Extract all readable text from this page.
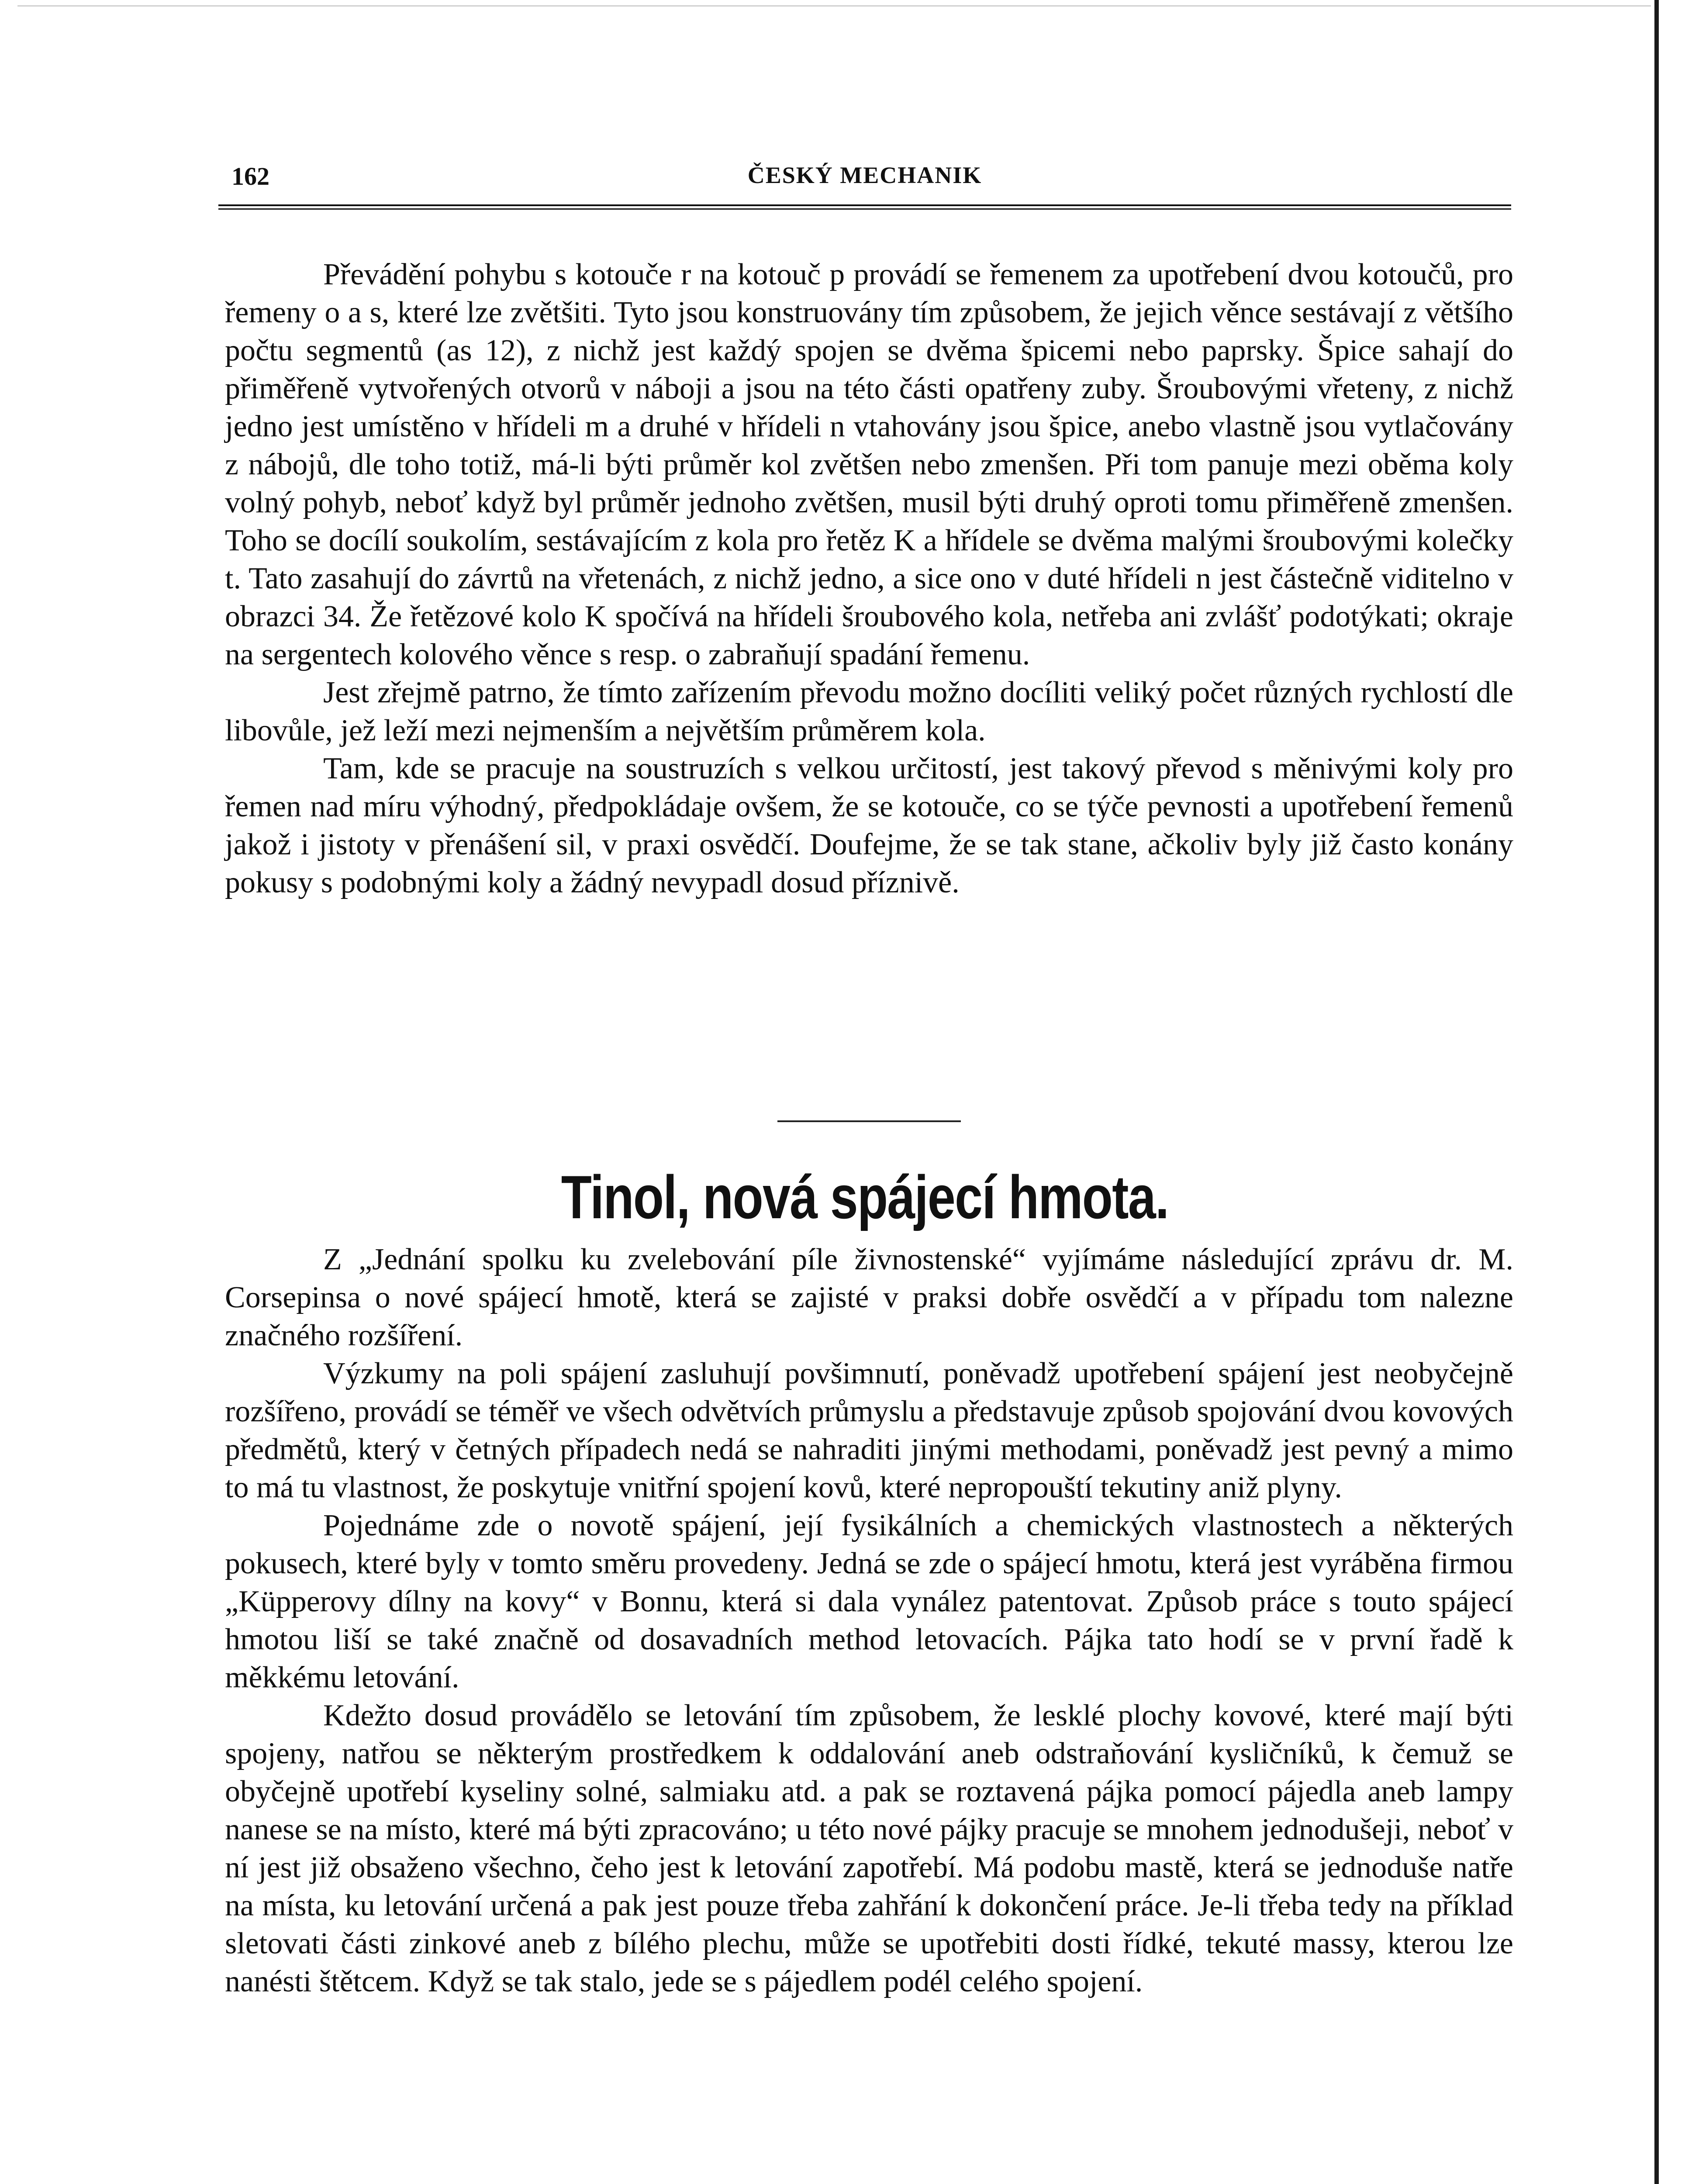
162	ČESKÝ MECHANIK

Převádění pohybu s kotouče r na kotouč p provádí se řemenem za upotřebení dvou kotoučů, pro řemeny o a s, které lze zvětšiti. Tyto jsou konstruovány tím způsobem, že jejich věnce sestávají z většího počtu segmentů (as 12), z nichž jest každý spojen se dvěma špicemi nebo paprsky. Špice sahají do přiměřeně vytvořených otvorů v náboji a jsou na této části opatřeny zuby. Šroubovými vřeteny, z nichž jedno jest umístěno v hřídeli m a druhé v hřídeli n vtahovány jsou špice, anebo vlastně jsou vytlačovány z nábojů, dle toho totiž, má-li býti průměr kol zvětšen nebo zmenšen. Při tom panuje mezi oběma koly volný pohyb, neboť když byl průměr jednoho zvětšen, musil býti druhý oproti tomu přiměřeně zmenšen. Toho se docílí soukolím, sestávajícím z kola pro řetěz K a hřídele se dvěma malými šroubovými kolečky t. Tato zasahují do závrtů na vřetenách, z nichž jedno, a sice ono v duté hřídeli n jest částečně viditelno v obrazci 34. Že řetězové kolo K spočívá na hřídeli šroubového kola, netřeba ani zvlášť podotýkati; okraje na sergentech kolového věnce s resp. o zabraňují spadání řemenu.

Jest zřejmě patrno, že tímto zařízením převodu možno docíliti veliký počet různých rychlostí dle libovůle, jež leží mezi nejmenším a největším průměrem kola.

Tam, kde se pracuje na soustruzích s velkou určitostí, jest takový převod s měnivými koly pro řemen nad míru výhodný, předpokládaje ovšem, že se kotouče, co se týče pevnosti a upotřebení řemenů jakož i jistoty v přenášení sil, v praxi osvědčí. Doufejme, že se tak stane, ačkoliv byly již často konány pokusy s podobnými koly a žádný nevypadl dosud příznivě.

Tinol, nová spájecí hmota.

Z „Jednání spolku ku zvelebování píle živnostenské“ vyjímáme následující zprávu dr. M. Corsepinsa o nové spájecí hmotě, která se zajisté v praksi dobře osvědčí a v případu tom nalezne značného rozšíření.

Výzkumy na poli spájení zasluhují povšimnutí, poněvadž upotřebení spájení jest neobyčejně rozšířeno, provádí se téměř ve všech odvětvích průmyslu a představuje způsob spojování dvou kovových předmětů, který v četných případech nedá se nahraditi jinými methodami, poněvadž jest pevný a mimo to má tu vlastnost, že poskytuje vnitřní spojení kovů, které nepropouští tekutiny aniž plyny.

Pojednáme zde o novotě spájení, její fysikálních a chemických vlastnostech a některých pokusech, které byly v tomto směru provedeny. Jedná se zde o spájecí hmotu, která jest vyráběna firmou „Küpperovy dílny na kovy“ v Bonnu, která si dala vynález patentovat. Způsob práce s touto spájecí hmotou liší se také značně od dosavadních method letovacích. Pájka tato hodí se v první řadě k měkkému letování.

Kdežto dosud provádělo se letování tím způsobem, že lesklé plochy kovové, které mají býti spojeny, natřou se některým prostředkem k oddalování aneb odstraňování kysličníků, k čemuž se obyčejně upotřebí kyseliny solné, salmiaku atd. a pak se roztavená pájka pomocí pájedla aneb lampy nanese se na místo, které má býti zpracováno; u této nové pájky pracuje se mnohem jednodušeji, neboť v ní jest již obsaženo všechno, čeho jest k letování zapotřebí. Má podobu mastě, která se jednoduše natře na místa, ku letování určená a pak jest pouze třeba zahřání k dokončení práce. Je-li třeba tedy na příklad sletovati části zinkové aneb z bílého plechu, může se upotřebiti dosti řídké, tekuté massy, kterou lze nanésti štětcem. Když se tak stalo, jede se s pájedlem podél celého spojení.
